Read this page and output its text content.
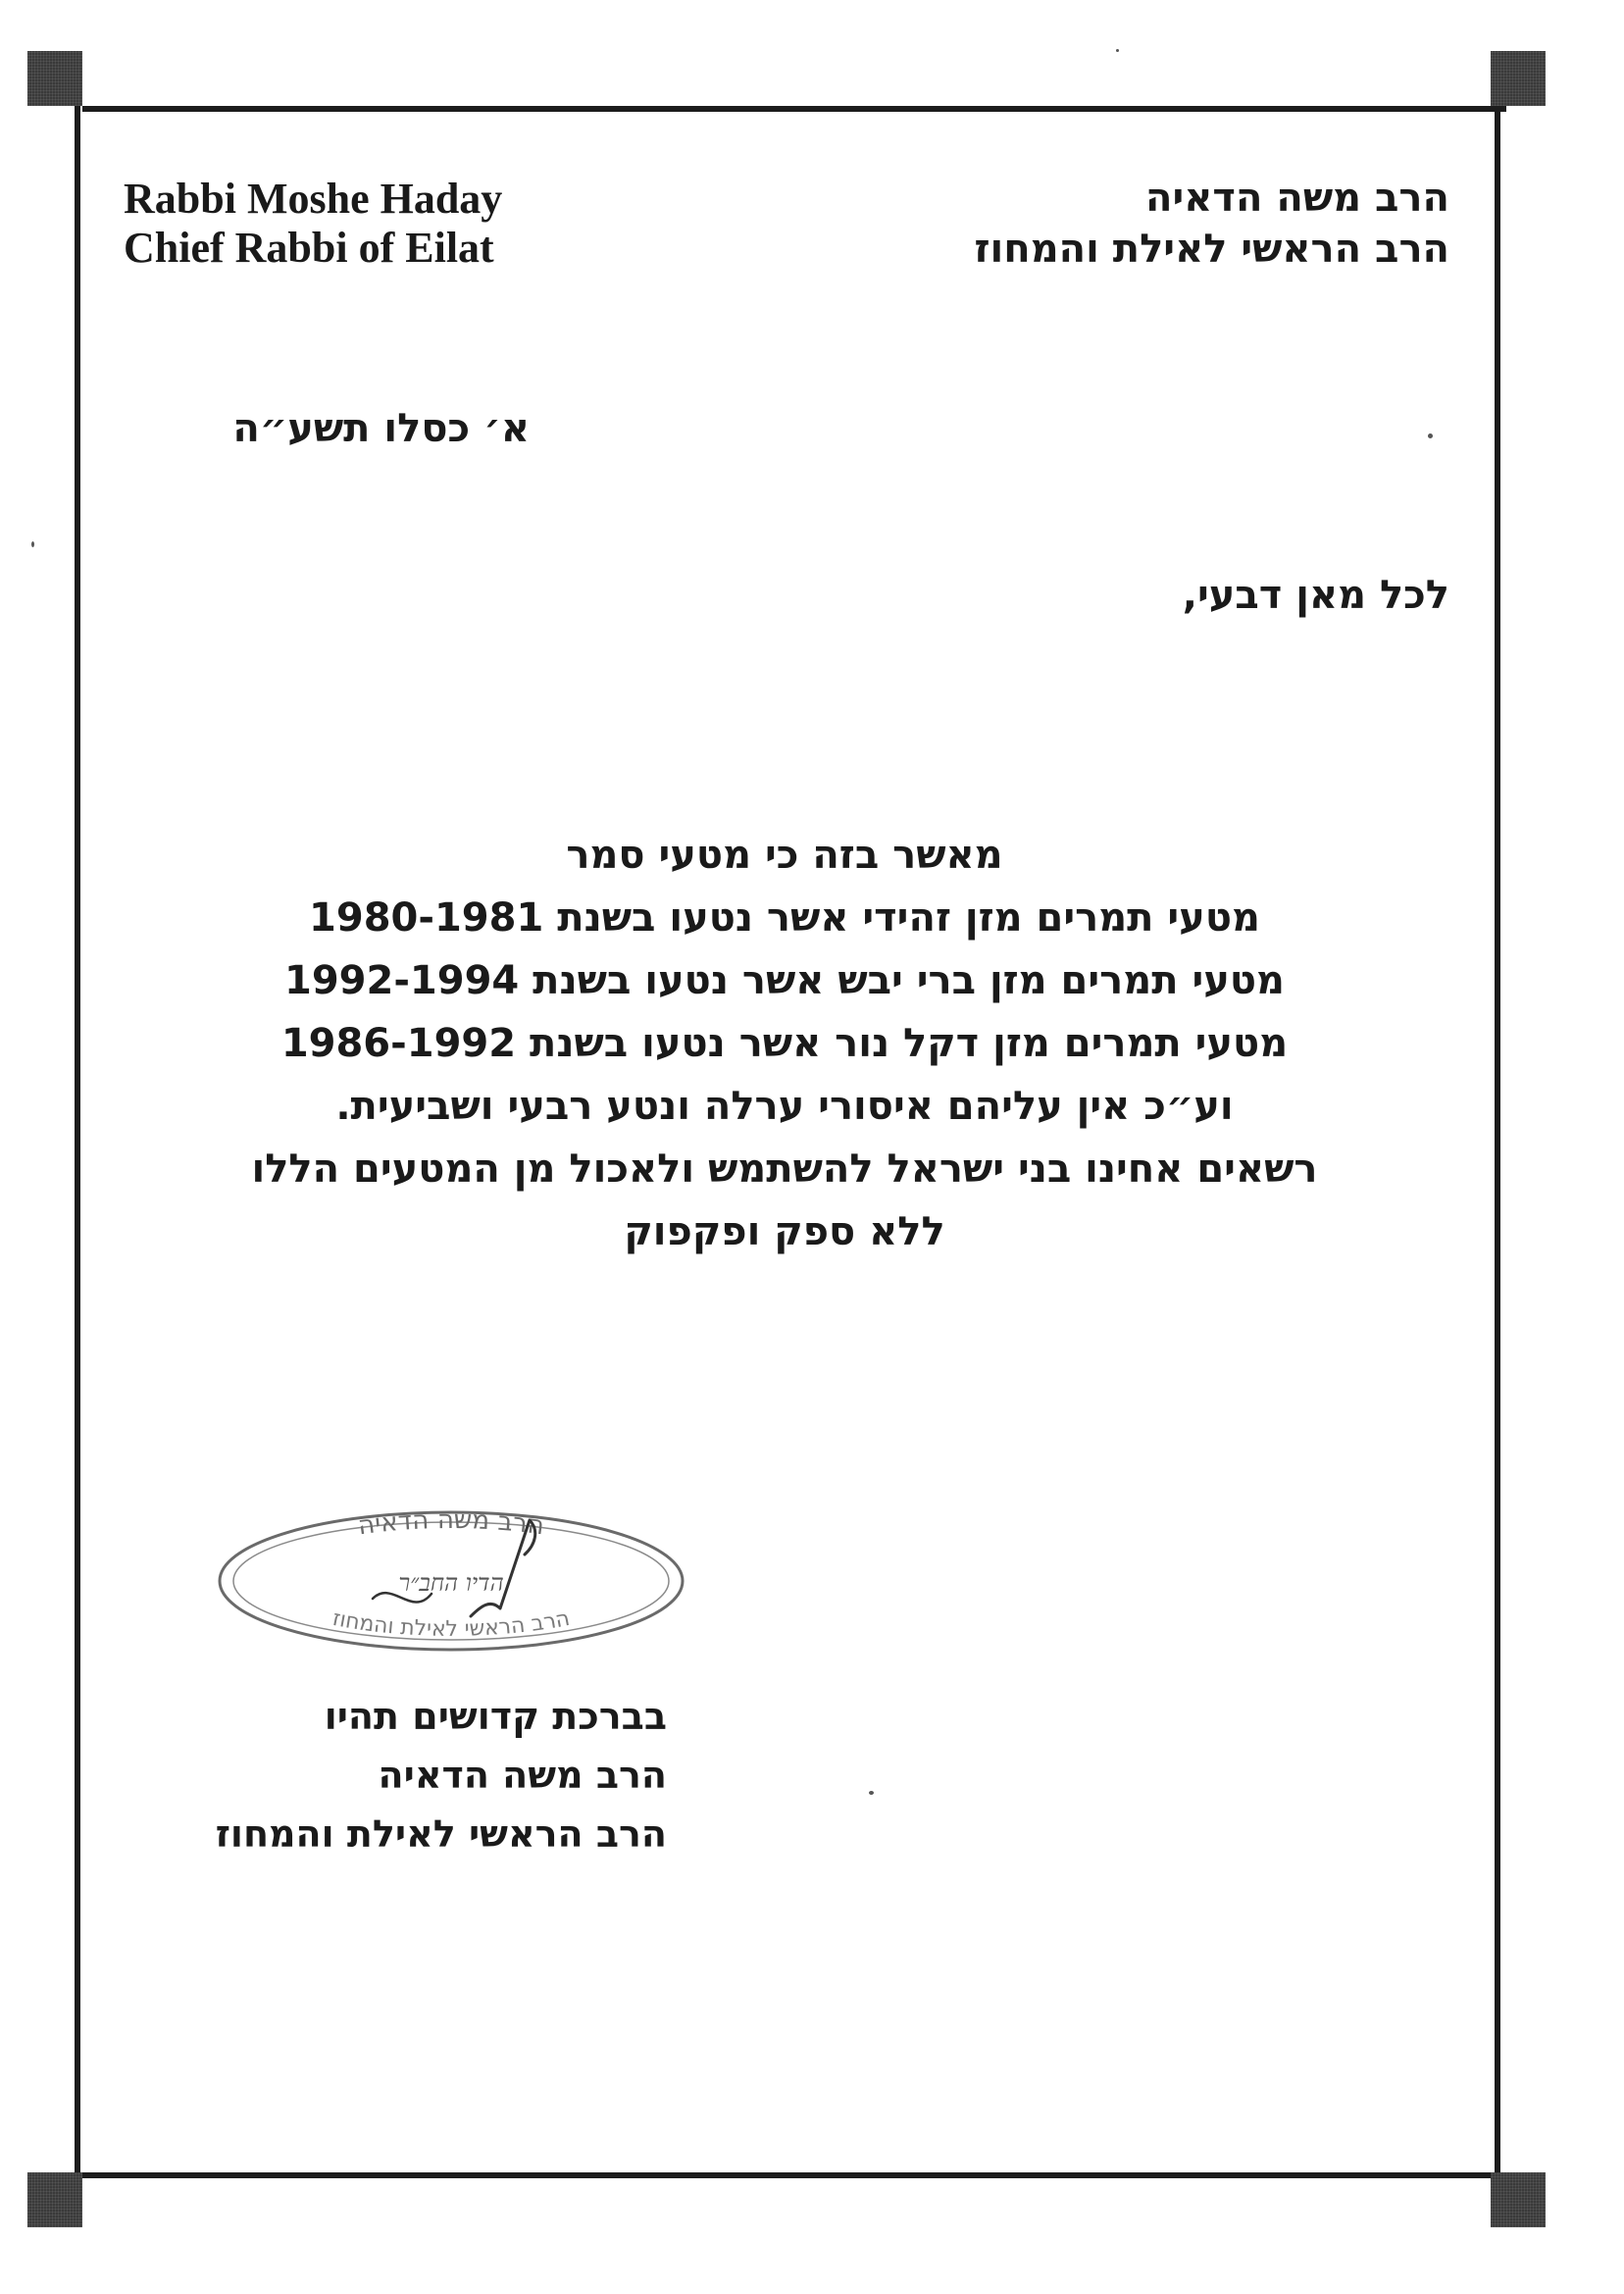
Rabbi Moshe Haday
Chief Rabbi of Eilat
הרב משה הדאיה
הרב הראשי לאילת והמחוז
א׳ כסלו תשע״ה
לכל מאן דבעי,
מאשר בזה כי מטעי סמר
מטעי תמרים מזן זהידי אשר נטעו בשנת 1980-1981
מטעי תמרים מזן ברי יבש אשר נטעו בשנת 1992-1994
מטעי תמרים מזן דקל נור אשר נטעו בשנת 1986-1992
וע״כ אין עליהם איסורי ערלה ונטע רבעי ושביעית.
רשאים אחינו בני ישראל להשתמש ולאכול מן המטעים הללו
ללא ספק ופקפוק
הרב משה הדאיה
הרב הראשי לאילת והמחוז
הדיו החב״ר
בברכת קדושים תהיו
הרב משה הדאיה
הרב הראשי לאילת והמחוז
